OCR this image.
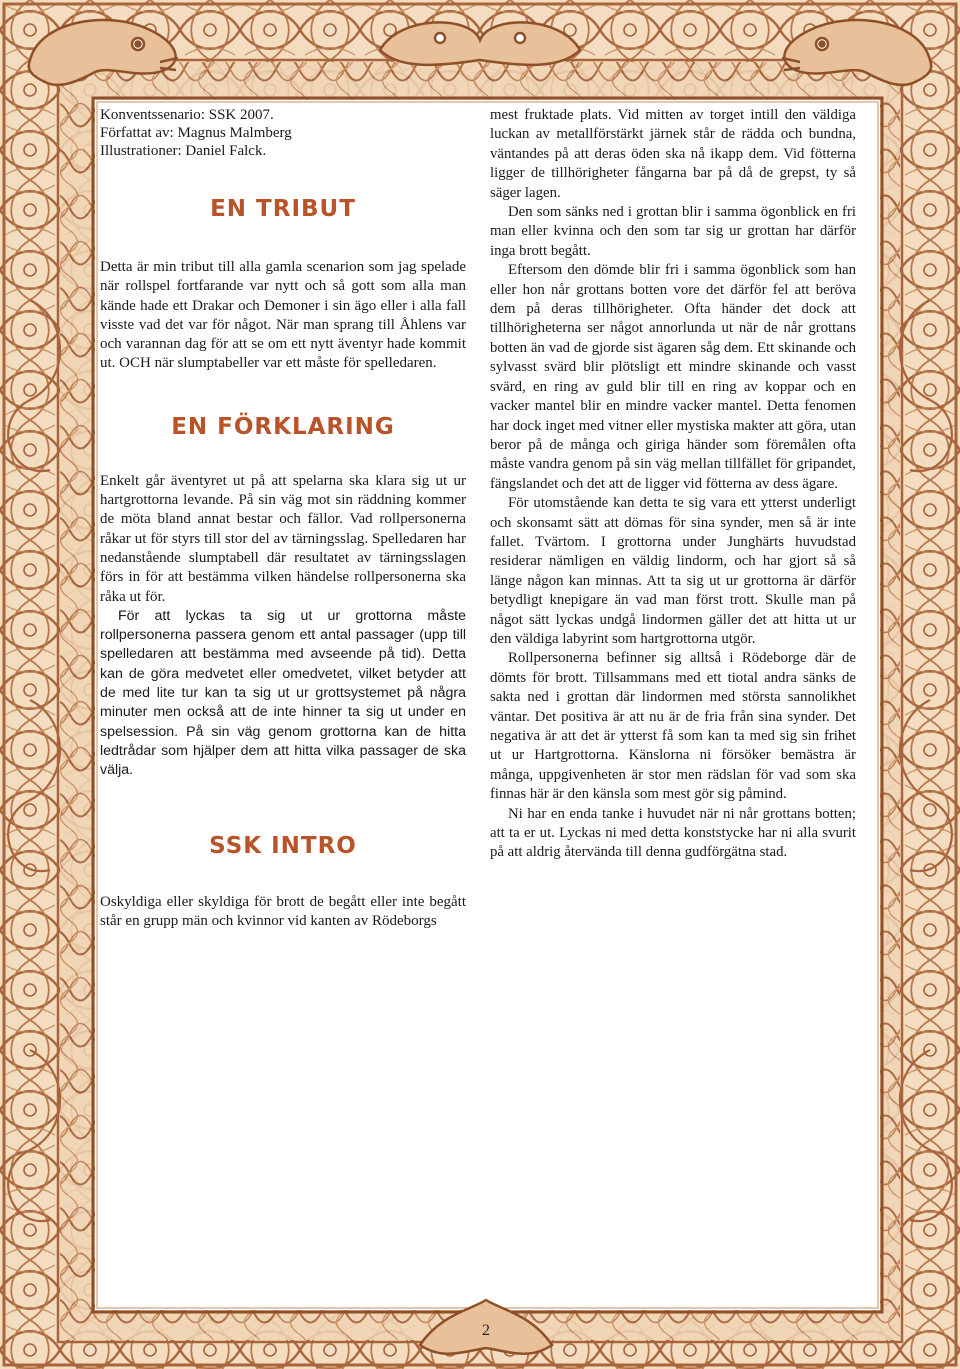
Konventssenario: SSK 2007.
Författat av: Magnus Malmberg
Illustrationer: Daniel Falck.
EN TRIBUT

Detta är min tribut till alla gamla scenarion som jag spelade när rollspel fortfarande var nytt och så gott som alla man kände hade ett Drakar och Demoner i sin ägo eller i alla fall visste vad det var för något. När man sprang till Åhlens var och varannan dag för att se om ett nytt äventyr hade kommit ut. OCH när slumptabeller var ett måste för spelledaren.

EN FÖRKLARING

Enkelt går äventyret ut på att spelarna ska klara sig ut ur hartgrottorna levande. På sin väg mot sin räddning kommer de möta bland annat bestar och fällor. Vad rollpersonerna råkar ut för styrs till stor del av tärningsslag. Spelledaren har nedanstående slumptabell där resultatet av tärningsslagen förs in för att bestämma vilken händelse rollpersonerna ska råka ut för.

För att lyckas ta sig ut ur grottorna måste rollpersonerna passera genom ett antal passager (upp till spelledaren att bestämma med avseende på tid). Detta kan de göra medvetet eller omedvetet, vilket betyder att de med lite tur kan ta sig ut ur grottsystemet på några minuter men också att de inte hinner ta sig ut under en spelsession. På sin väg genom grottorna kan de hitta ledtrådar som hjälper dem att hitta vilka passager de ska välja.

SSK INTRO

Oskyldiga eller skyldiga för brott de begått eller inte begått står en grupp män och kvinnor vid kanten av Rödeborgs

mest fruktade plats. Vid mitten av torget intill den väldiga luckan av metallförstärkt järnek står de rädda och bundna, väntandes på att deras öden ska nå ikapp dem. Vid fötterna ligger de tillhörigheter fångarna bar på då de grepst, ty så säger lagen.

Den som sänks ned i grottan blir i samma ögonblick en fri man eller kvinna och den som tar sig ur grottan har därför inga brott begått.

Eftersom den dömde blir fri i samma ögonblick som han eller hon når grottans botten vore det därför fel att beröva dem på deras tillhörigheter. Ofta händer det dock att tillhörigheterna ser något annorlunda ut när de når grottans botten än vad de gjorde sist ägaren såg dem. Ett skinande och sylvasst svärd blir plötsligt ett mindre skinande och vasst svärd, en ring av guld blir till en ring av koppar och en vacker mantel blir en mindre vacker mantel. Detta fenomen har dock inget med vitner eller mystiska makter att göra, utan beror på de många och giriga händer som föremålen ofta måste vandra genom på sin väg mellan tillfället för gripandet, fängslandet och det att de ligger vid fötterna av dess ägare.

För utomstående kan detta te sig vara ett ytterst underligt och skonsamt sätt att dömas för sina synder, men så är inte fallet. Tvärtom. I grottorna under Junghärts huvudstad residerar nämligen en väldig lindorm, och har gjort så så länge någon kan minnas. Att ta sig ut ur grottorna är därför betydligt knepigare än vad man först trott. Skulle man på något sätt lyckas undgå lindormen gäller det att hitta ut ur den väldiga labyrint som hartgrottorna utgör.

Rollpersonerna befinner sig alltså i Rödeborge där de dömts för brott. Tillsammans med ett tiotal andra sänks de sakta ned i grottan där lindormen med största sannolikhet väntar. Det positiva är att nu är de fria från sina synder. Det negativa är att det är ytterst få som kan ta med sig sin frihet ut ur Hartgrottorna. Känslorna ni försöker bemästra är många, uppgivenheten är stor men rädslan för vad som ska finnas här är den känsla som mest gör sig påmind.

Ni har en enda tanke i huvudet när ni når grottans botten; att ta er ut. Lyckas ni med detta konststycke har ni alla svurit på att aldrig återvända till denna gudförgätna stad.

2
